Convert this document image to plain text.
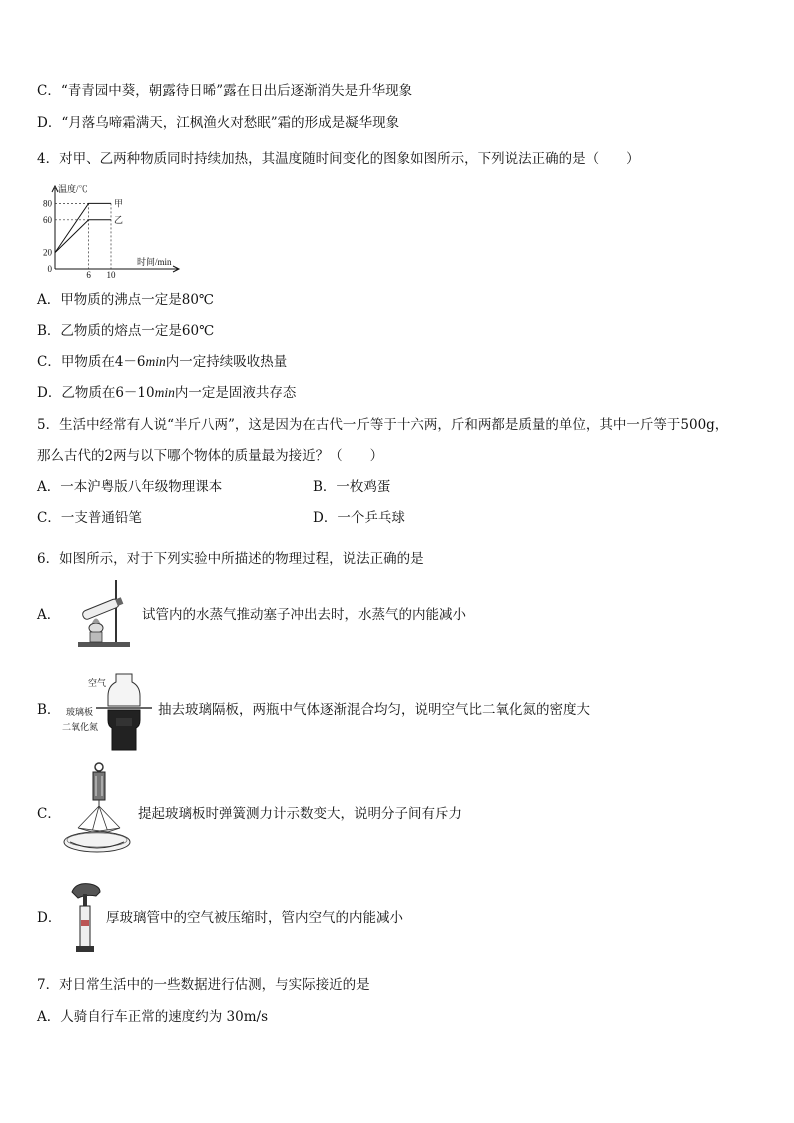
C．“青青园中葵，朝露待日晞”露在日出后逐渐消失是升华现象
D．“月落乌啼霜满天，江枫渔火对愁眠”霜的形成是凝华现象
4．对甲、乙两种物质同时持续加热，其温度随时间变化的图象如图所示，下列说法正确的是（　　）
甲
乙
80
60
20
0
6 10
温度/℃
时间/min
A．甲物质的沸点一定是80℃
B．乙物质的熔点一定是60℃
C．甲物质在4－6min内一定持续吸收热量
D．乙物质在6－10min内一定是固液共存态
5．生活中经常有人说“半斤八两”，这是因为在古代一斤等于十六两，斤和两都是质量的单位，其中一斤等于500g，
那么古代的2两与以下哪个物体的质量最为接近？（　　）
A．一本沪粤版八年级物理课本	B．一枚鸡蛋
C．一支普通铅笔	D．一个乒乓球
6．如图所示，对于下列实验中所描述的物理过程，说法正确的是
A．	试管内的水蒸气推动塞子冲出去时，水蒸气的内能减小
B．
空气
玻璃板
二氧化氮
抽去玻璃隔板，两瓶中气体逐渐混合均匀，说明空气比二氧化氮的密度大
C．	提起玻璃板时弹簧测力计示数变大，说明分子间有斥力
D．	厚玻璃管中的空气被压缩时，管内空气的内能减小
7．对日常生活中的一些数据进行估测，与实际接近的是
A．人骑自行车正常的速度约为 30m/s
